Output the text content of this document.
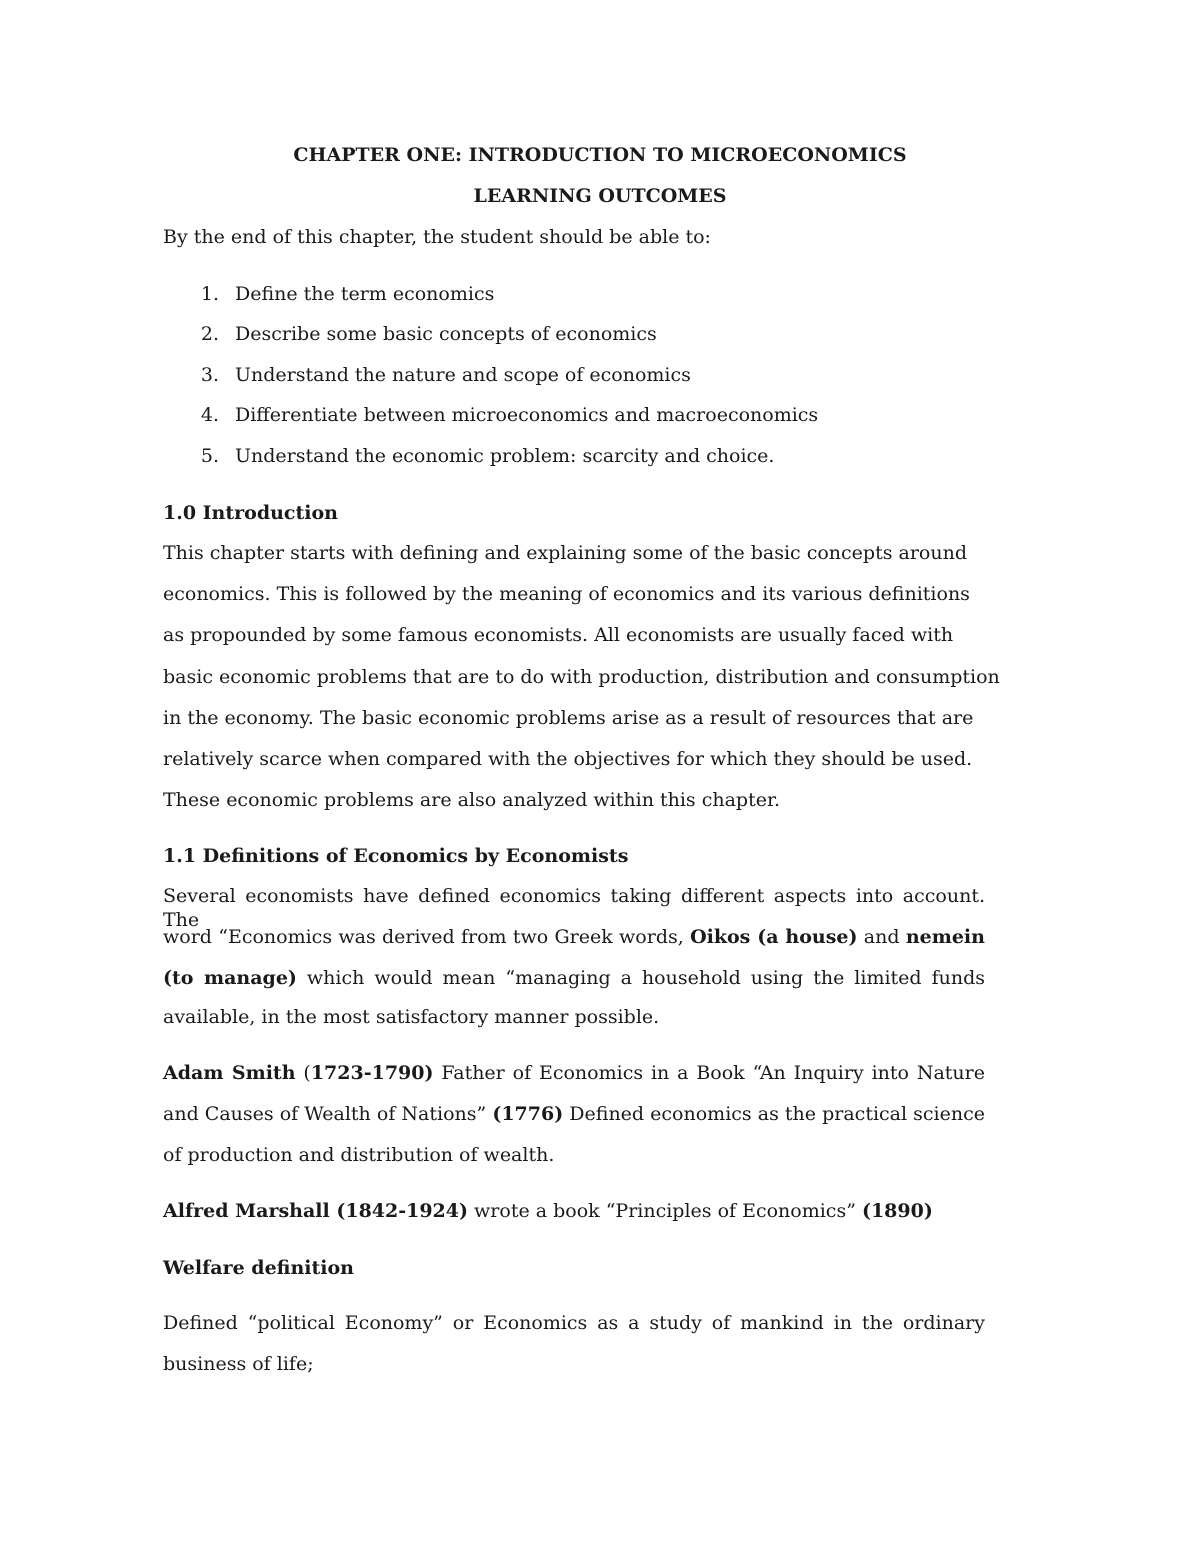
CHAPTER ONE: INTRODUCTION TO MICROECONOMICS
LEARNING OUTCOMES
By the end of this chapter, the student should be able to:
1. Define the term economics
2. Describe some basic concepts of economics
3. Understand the nature and scope of economics
4. Differentiate between microeconomics and macroeconomics
5. Understand the economic problem: scarcity and choice.
1.0 Introduction
This chapter starts with defining and explaining some of the basic concepts around
economics. This is followed by the meaning of economics and its various definitions
as propounded by some famous economists. All economists are usually faced with
basic economic problems that are to do with production, distribution and consumption
in the economy. The basic economic problems arise as a result of resources that are
relatively scarce when compared with the objectives for which they should be used.
These economic problems are also analyzed within this chapter.
1.1 Definitions of Economics by Economists
Several economists have defined economics taking different aspects into account. The
word “Economics was derived from two Greek words, Oikos (a house) and nemein
(to manage) which would mean “managing a household using the limited funds
available, in the most satisfactory manner possible.
Adam Smith (1723-1790) Father of Economics in a Book “An Inquiry into Nature
and Causes of Wealth of Nations” (1776) Defined economics as the practical science
of production and distribution of wealth.
Alfred Marshall (1842-1924) wrote a book “Principles of Economics” (1890)
Welfare definition
Defined “political Economy” or Economics as a study of mankind in the ordinary
business of life;
